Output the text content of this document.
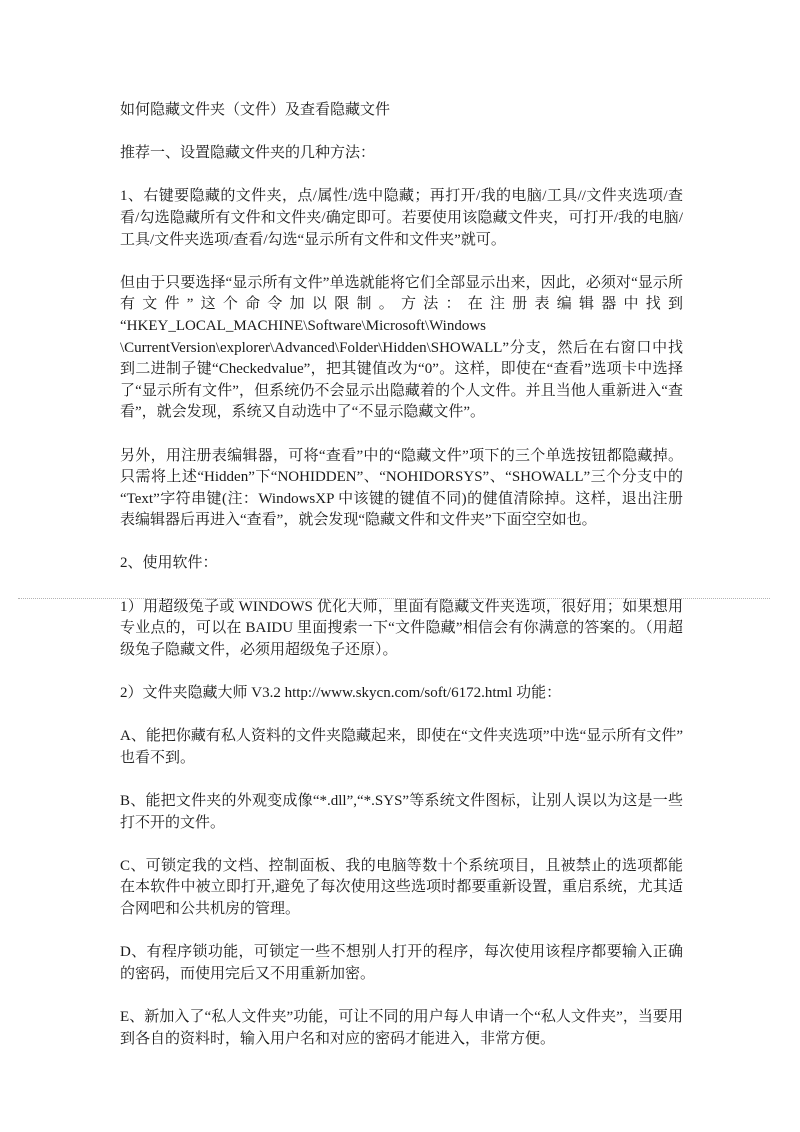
如何隐藏文件夹（文件）及查看隐藏文件

推荐一、设置隐藏文件夹的几种方法：

1、右键要隐藏的文件夹，点/属性/选中隐藏；再打开/我的电脑/工具//文件夹选项/查看/勾选隐藏所有文件和文件夹/确定即可。若要使用该隐藏文件夹，可打开/我的电脑/工具/文件夹选项/查看/勾选“显示所有文件和文件夹”就可。

但由于只要选择“显示所有文件”单选就能将它们全部显示出来，因此，必须对“显示所有文件”这个命令加以限制。方法：在注册表编辑器中找到“HKEY_LOCAL_MACHINE\Software\Microsoft\Windows \CurrentVersion\explorer\Advanced\Folder\Hidden\SHOWALL”分支，然后在右窗口中找到二进制子键“Checkedvalue”，把其键值改为“0”。这样，即使在“查看”选项卡中选择了“显示所有文件”，但系统仍不会显示出隐藏着的个人文件。并且当他人重新进入“查看”，就会发现，系统又自动选中了“不显示隐藏文件”。

另外，用注册表编辑器，可将“查看”中的“隐藏文件”项下的三个单选按钮都隐藏掉。只需将上述“Hidden”下“NOHIDDEN”、“NOHIDORSYS”、“SHOWALL”三个分支中的“Text”字符串键(注：WindowsXP 中该键的键值不同)的健值清除掉。这样，退出注册表编辑器后再进入“查看”，就会发现“隐藏文件和文件夹”下面空空如也。

2、使用软件：

1）用超级兔子或 WINDOWS 优化大师，里面有隐藏文件夹选项，很好用；如果想用专业点的，可以在 BAIDU 里面搜索一下“文件隐藏”相信会有你满意的答案的。（用超级兔子隐藏文件，必须用超级兔子还原）。

2）文件夹隐藏大师 V3.2 http://www.skycn.com/soft/6172.html 功能：

A、能把你藏有私人资料的文件夹隐藏起来，即使在“文件夹选项”中选“显示所有文件”也看不到。

B、能把文件夹的外观变成像“*.dll”,“*.SYS”等系统文件图标，让别人误以为这是一些打不开的文件。

C、可锁定我的文档、控制面板、我的电脑等数十个系统项目，且被禁止的选项都能在本软件中被立即打开,避免了每次使用这些选项时都要重新设置，重启系统，尤其适合网吧和公共机房的管理。

D、有程序锁功能，可锁定一些不想别人打开的程序，每次使用该程序都要输入正确的密码，而使用完后又不用重新加密。

E、新加入了“私人文件夹”功能，可让不同的用户每人申请一个“私人文件夹”，当要用到各自的资料时，输入用户名和对应的密码才能进入，非常方便。
